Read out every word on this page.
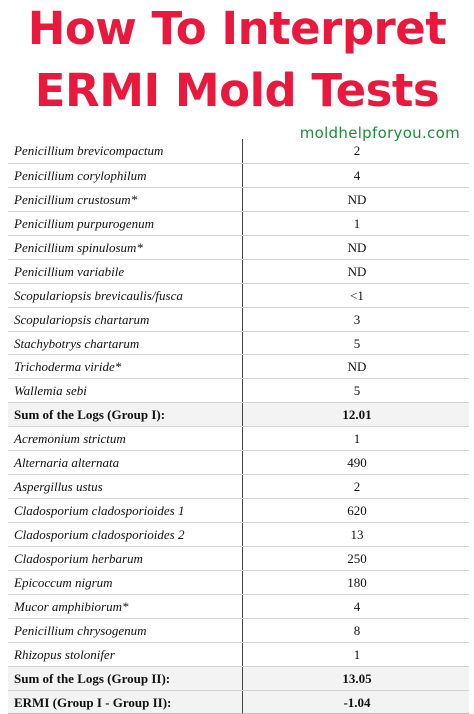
How To Interpret
ERMI Mold Tests
moldhelpforyou.com
Penicillium brevicompactum	2
Penicillium corylophilum	4
Penicillium crustosum*	ND
Penicillium purpurogenum	1
Penicillium spinulosum*	ND
Penicillium variabile	ND
Scopulariopsis brevicaulis/fusca	<1
Scopulariopsis chartarum	3
Stachybotrys chartarum	5
Trichoderma viride*	ND
Wallemia sebi	5
Sum of the Logs (Group I):	12.01
Acremonium strictum	1
Alternaria alternata	490
Aspergillus ustus	2
Cladosporium cladosporioides 1	620
Cladosporium cladosporioides 2	13
Cladosporium herbarum	250
Epicoccum nigrum	180
Mucor amphibiorum*	4
Penicillium chrysogenum	8
Rhizopus stolonifer	1
Sum of the Logs (Group II):	13.05
ERMI (Group I - Group II):	-1.04
